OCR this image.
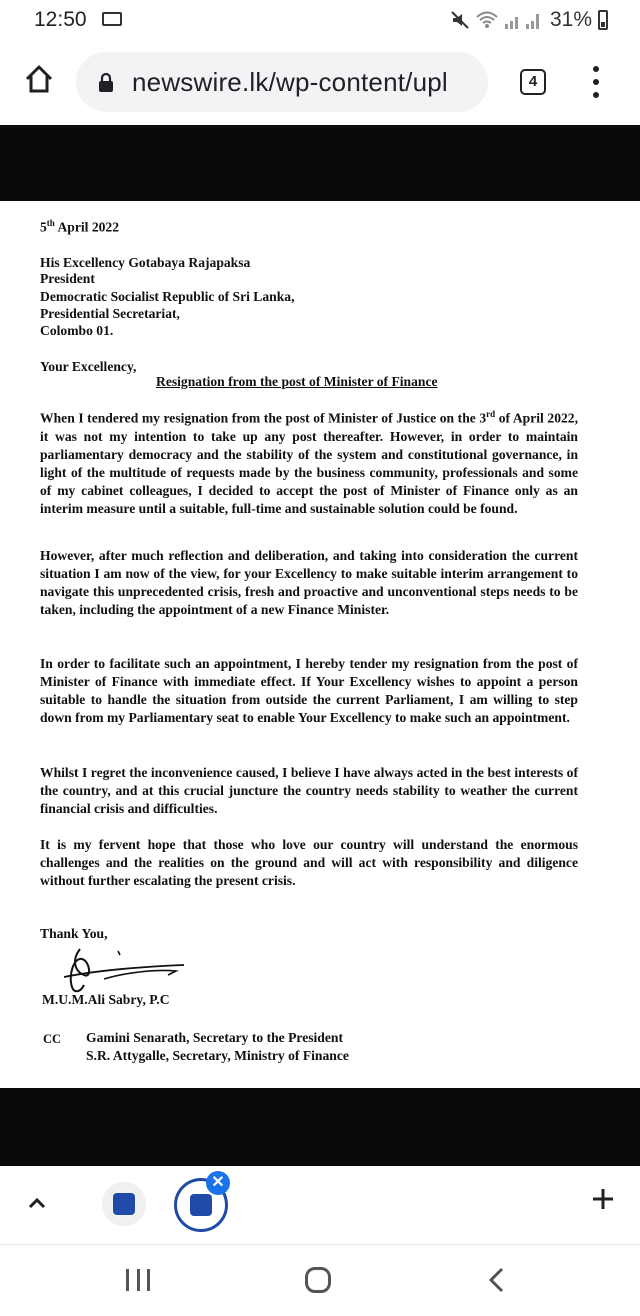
12:50	31%
newswire.lk/wp-content/upl	4
5th April 2022
His Excellency Gotabaya Rajapaksa
President
Democratic Socialist Republic of Sri Lanka,
Presidential Secretariat,
Colombo 01.
Your Excellency,
Resignation from the post of Minister of Finance

When I tendered my resignation from the post of Minister of Justice on the 3rd of April 2022, it was not my intention to take up any post thereafter. However, in order to maintain parliamentary democracy and the stability of the system and constitutional governance, in light of the multitude of requests made by the business community, professionals and some of my cabinet colleagues, I decided to accept the post of Minister of Finance only as an interim measure until a suitable, full-time and sustainable solution could be found.

However, after much reflection and deliberation, and taking into consideration the current situation I am now of the view, for your Excellency to make suitable interim arrangement to navigate this unprecedented crisis, fresh and proactive and unconventional steps needs to be taken, including the appointment of a new Finance Minister.
In order to facilitate such an appointment, I hereby tender my resignation from the post of Minister of Finance with immediate effect. If Your Excellency wishes to appoint a person suitable to handle the situation from outside the current Parliament, I am willing to step down from my Parliamentary seat to enable Your Excellency to make such an appointment.
Whilst I regret the inconvenience caused, I believe I have always acted in the best interests of the country, and at this crucial juncture the country needs stability to weather the current financial crisis and difficulties.
It is my fervent hope that those who love our country will understand the enormous challenges and the realities on the ground and will act with responsibility and diligence without further escalating the present crisis.
Thank You,
M.U.M.Ali Sabry, P.C
CC Gamini Senarath, Secretary to the President
S.R. Attygalle, Secretary, Ministry of Finance
✕
